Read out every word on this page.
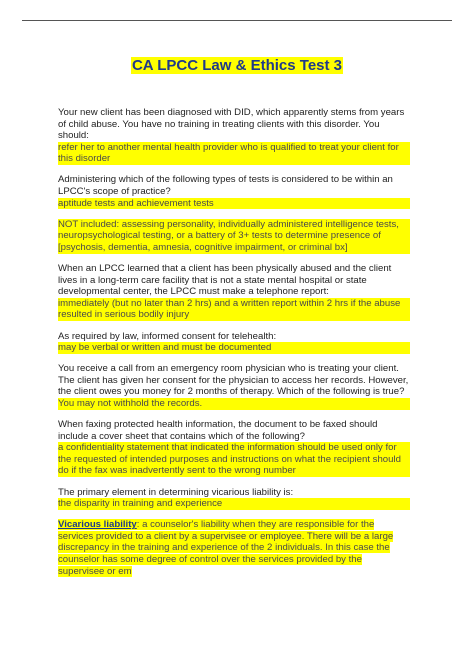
CA LPCC Law & Ethics Test 3
Your new client has been diagnosed with DID, which apparently stems from years of child abuse. You have no training in treating clients with this disorder. You should:
refer her to another mental health provider who is qualified to treat your client for this disorder
Administering which of the following types of tests is considered to be within an LPCC's scope of practice?
aptitude tests and achievement tests
NOT included: assessing personality, individually administered intelligence tests, neuropsychological testing, or a battery of 3+ tests to determine presence of [psychosis, dementia, amnesia, cognitive impairment, or criminal bx]
When an LPCC learned that a client has been physically abused and the client lives in a long-term care facility that is not a state mental hospital or state developmental center, the LPCC must make a telephone report:
immediately (but no later than 2 hrs) and a written report within 2 hrs if the abuse resulted in serious bodily injury
As required by law, informed consent for telehealth:
may be verbal or written and must be documented
You receive a call from an emergency room physician who is treating your client. The client has given her consent for the physician to access her records. However, the client owes you money for 2 months of therapy. Which of the following is true?
You may not withhold the records.
When faxing protected health information, the document to be faxed should include a cover sheet that contains which of the following?
a confidentiality statement that indicated the information should be used only for the requested of intended purposes and instructions on what the recipient should do if the fax was inadvertently sent to the wrong number
The primary element in determining vicarious liability is:
the disparity in training and experience
Vicarious liability: a counselor's liability when they are responsible for the services provided to a client by a supervisee or employee. There will be a large discrepancy in the training and experience of the 2 individuals. In this case the counselor has some degree of control over the services provided by the supervisee or em
